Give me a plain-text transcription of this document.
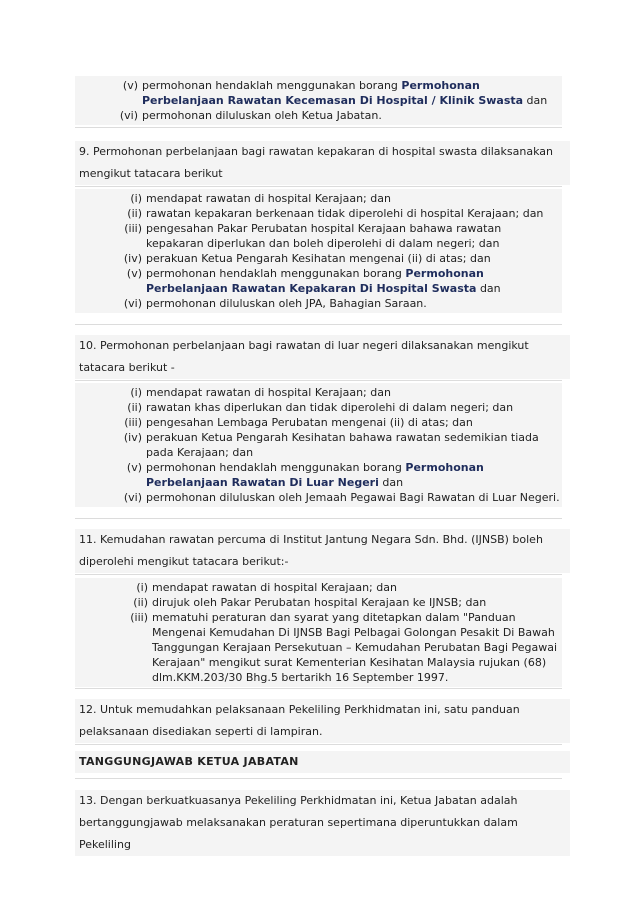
(v) permohonan hendaklah menggunakan borang Permohonan Perbelanjaan Rawatan Kecemasan Di Hospital / Klinik Swasta dan
(vi) permohonan diluluskan oleh Ketua Jabatan.
9. Permohonan perbelanjaan bagi rawatan kepakaran di hospital swasta dilaksanakan mengikut tatacara berikut
(i) mendapat rawatan di hospital Kerajaan; dan
(ii) rawatan kepakaran berkenaan tidak diperolehi di hospital Kerajaan; dan
(iii) pengesahan Pakar Perubatan hospital Kerajaan bahawa rawatan kepakaran diperlukan dan boleh diperolehi di dalam negeri; dan
(iv) perakuan Ketua Pengarah Kesihatan mengenai (ii) di atas; dan
(v) permohonan hendaklah menggunakan borang Permohonan Perbelanjaan Rawatan Kepakaran Di Hospital Swasta dan
(vi) permohonan diluluskan oleh JPA, Bahagian Saraan.
10. Permohonan perbelanjaan bagi rawatan di luar negeri dilaksanakan mengikut tatacara berikut -
(i) mendapat rawatan di hospital Kerajaan; dan
(ii) rawatan khas diperlukan dan tidak diperolehi di dalam negeri; dan
(iii) pengesahan Lembaga Perubatan mengenai (ii) di atas; dan
(iv) perakuan Ketua Pengarah Kesihatan bahawa rawatan sedemikian tiada pada Kerajaan; dan
(v) permohonan hendaklah menggunakan borang Permohonan Perbelanjaan Rawatan Di Luar Negeri dan
(vi) permohonan diluluskan oleh Jemaah Pegawai Bagi Rawatan di Luar Negeri.
11. Kemudahan rawatan percuma di Institut Jantung Negara Sdn. Bhd. (IJNSB) boleh diperolehi mengikut tatacara berikut:-
(i) mendapat rawatan di hospital Kerajaan; dan
(ii) dirujuk oleh Pakar Perubatan hospital Kerajaan ke IJNSB; dan
(iii) mematuhi peraturan dan syarat yang ditetapkan dalam "Panduan Mengenai Kemudahan Di IJNSB Bagi Pelbagai Golongan Pesakit Di Bawah Tanggungan Kerajaan Persekutuan – Kemudahan Perubatan Bagi Pegawai Kerajaan" mengikut surat Kementerian Kesihatan Malaysia rujukan (68) dlm.KKM.203/30 Bhg.5 bertarikh 16 September 1997.
12. Untuk memudahkan pelaksanaan Pekeliling Perkhidmatan ini, satu panduan pelaksanaan disediakan seperti di lampiran.
TANGGUNGJAWAB KETUA JABATAN
13. Dengan berkuatkuasanya Pekeliling Perkhidmatan ini, Ketua Jabatan adalah bertanggungjawab melaksanakan peraturan sepertimana diperuntukkan dalam Pekeliling
